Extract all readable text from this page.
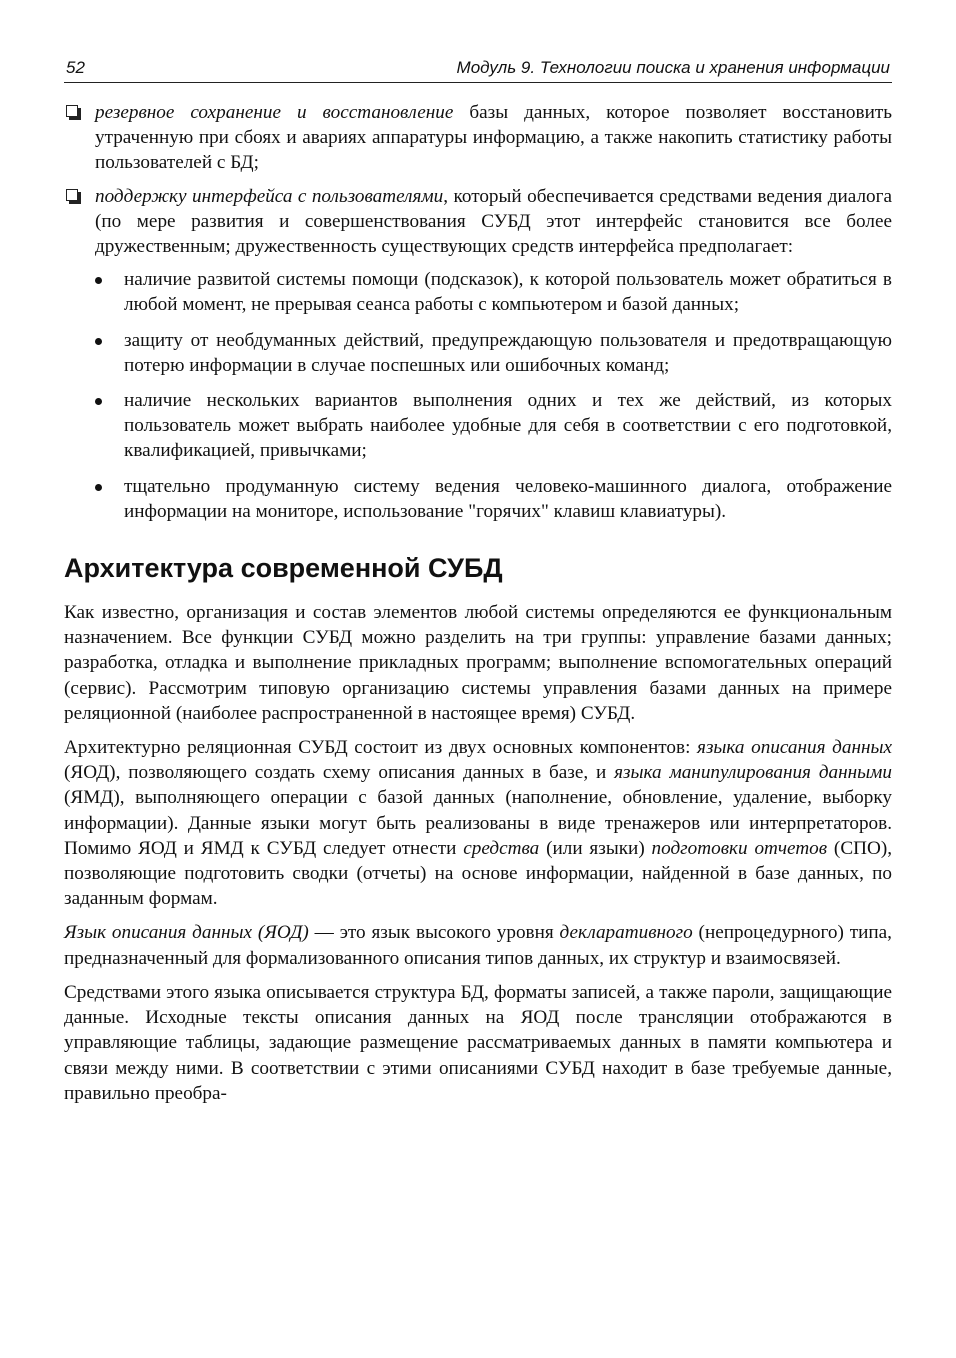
52	Модуль 9. Технологии поиска и хранения информации
резервное сохранение и восстановление базы данных, которое позволяет восстановить утраченную при сбоях и авариях аппаратуры информацию, а также накопить статистику работы пользователей с БД;
поддержку интерфейса с пользователями, который обеспечивается средствами ведения диалога (по мере развития и совершенствования СУБД этот интерфейс становится все более дружественным; дружественность существующих средств интерфейса предполагает:
наличие развитой системы помощи (подсказок), к которой пользователь может обратиться в любой момент, не прерывая сеанса работы с компьютером и базой данных;
защиту от необдуманных действий, предупреждающую пользователя и предотвращающую потерю информации в случае поспешных или ошибочных команд;
наличие нескольких вариантов выполнения одних и тех же действий, из которых пользователь может выбрать наиболее удобные для себя в соответствии с его подготовкой, квалификацией, привычками;
тщательно продуманную систему ведения человеко-машинного диалога, отображение информации на мониторе, использование "горячих" клавиш клавиатуры).
Архитектура современной СУБД

Как известно, организация и состав элементов любой системы определяются ее функциональным назначением. Все функции СУБД можно разделить на три группы: управление базами данных; разработка, отладка и выполнение прикладных программ; выполнение вспомогательных операций (сервис). Рассмотрим типовую организацию системы управления базами данных на примере реляционной (наиболее распространенной в настоящее время) СУБД.

Архитектурно реляционная СУБД состоит из двух основных компонентов: языка описания данных (ЯОД), позволяющего создать схему описания данных в базе, и языка манипулирования данными (ЯМД), выполняющего операции с базой данных (наполнение, обновление, удаление, выборку информации). Данные языки могут быть реализованы в виде тренажеров или интерпретаторов. Помимо ЯОД и ЯМД к СУБД следует отнести средства (или языки) подготовки отчетов (СПО), позволяющие подготовить сводки (отчеты) на основе информации, найденной в базе данных, по заданным формам.

Язык описания данных (ЯОД) — это язык высокого уровня декларативного (непроцедурного) типа, предназначенный для формализованного описания типов данных, их структур и взаимосвязей.

Средствами этого языка описывается структура БД, форматы записей, а также пароли, защищающие данные. Исходные тексты описания данных на ЯОД после трансляции отображаются в управляющие таблицы, задающие размещение рассматриваемых данных в памяти компьютера и связи между ними. В соответствии с этими описаниями СУБД находит в базе требуемые данные, правильно преобра-
